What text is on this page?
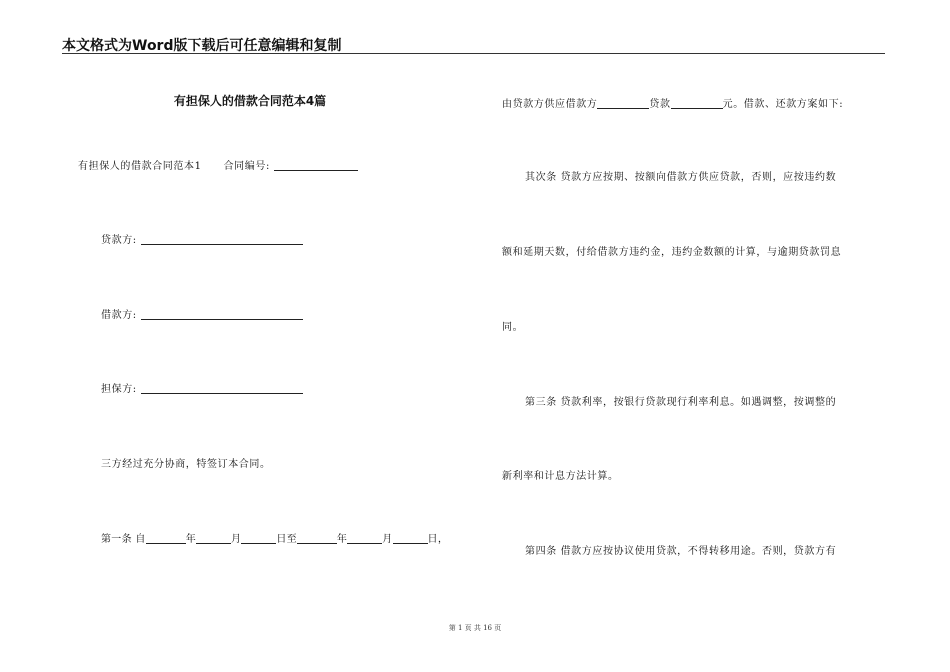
本文格式为Word版下载后可任意编辑和复制
有担保人的借款合同范本4篇
有担保人的借款合同范本1 合同编号:
贷款方:
借款方:
担保方:
三方经过充分协商，特签订本合同。
第一条 自	年	月	日至	年	月	日，
由贷款方供应借款方	贷款	元。借款、还款方案如下:
其次条 贷款方应按期、按额向借款方供应贷款，否则，应按违约数
额和延期天数，付给借款方违约金，违约金数额的计算，与逾期贷款罚息
同。
第三条 贷款利率，按银行贷款现行利率利息。如遇调整，按调整的
新利率和计息方法计算。
第四条 借款方应按协议使用贷款，不得转移用途。否则，贷款方有
第 1 页 共 16 页
